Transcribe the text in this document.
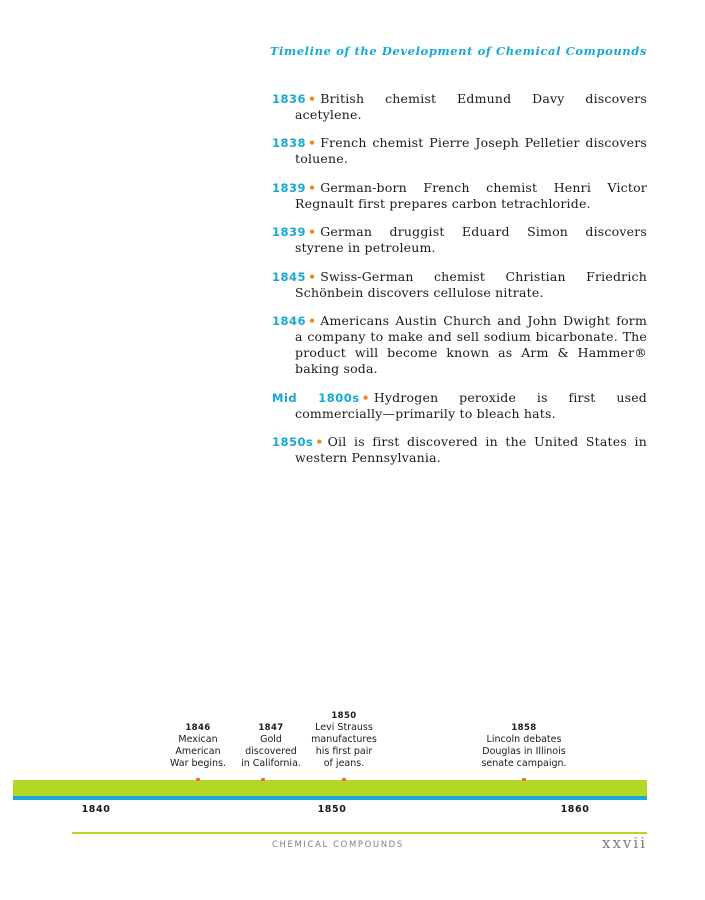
Timeline of the Development of Chemical Compounds

1836 • British chemist Edmund Davy discovers acetylene.

1838 • French chemist Pierre Joseph Pelletier discovers toluene.

1839 • German-born French chemist Henri Victor Regnault first prepares carbon tetrachloride.

1839 • German druggist Eduard Simon discovers styrene in petroleum.

1845 • Swiss-German chemist Christian Friedrich Schönbein discovers cellulose nitrate.

1846 • Americans Austin Church and John Dwight form a company to make and sell sodium bicarbonate. The product will become known as Arm & Hammer® baking soda.

Mid 1800s • Hydrogen peroxide is first used commercially—primarily to bleach hats.

1850s • Oil is first discovered in the United States in western Pennsylvania.

1846
Mexican
American
War begins.
1847
Gold
discovered
in California.
1850
Levi Strauss
manufactures
his first pair
of jeans.
1858
Lincoln debates
Douglas in Illinois
senate campaign.
1840	1850	1860
CHEMICAL COMPOUNDS	xxvii
